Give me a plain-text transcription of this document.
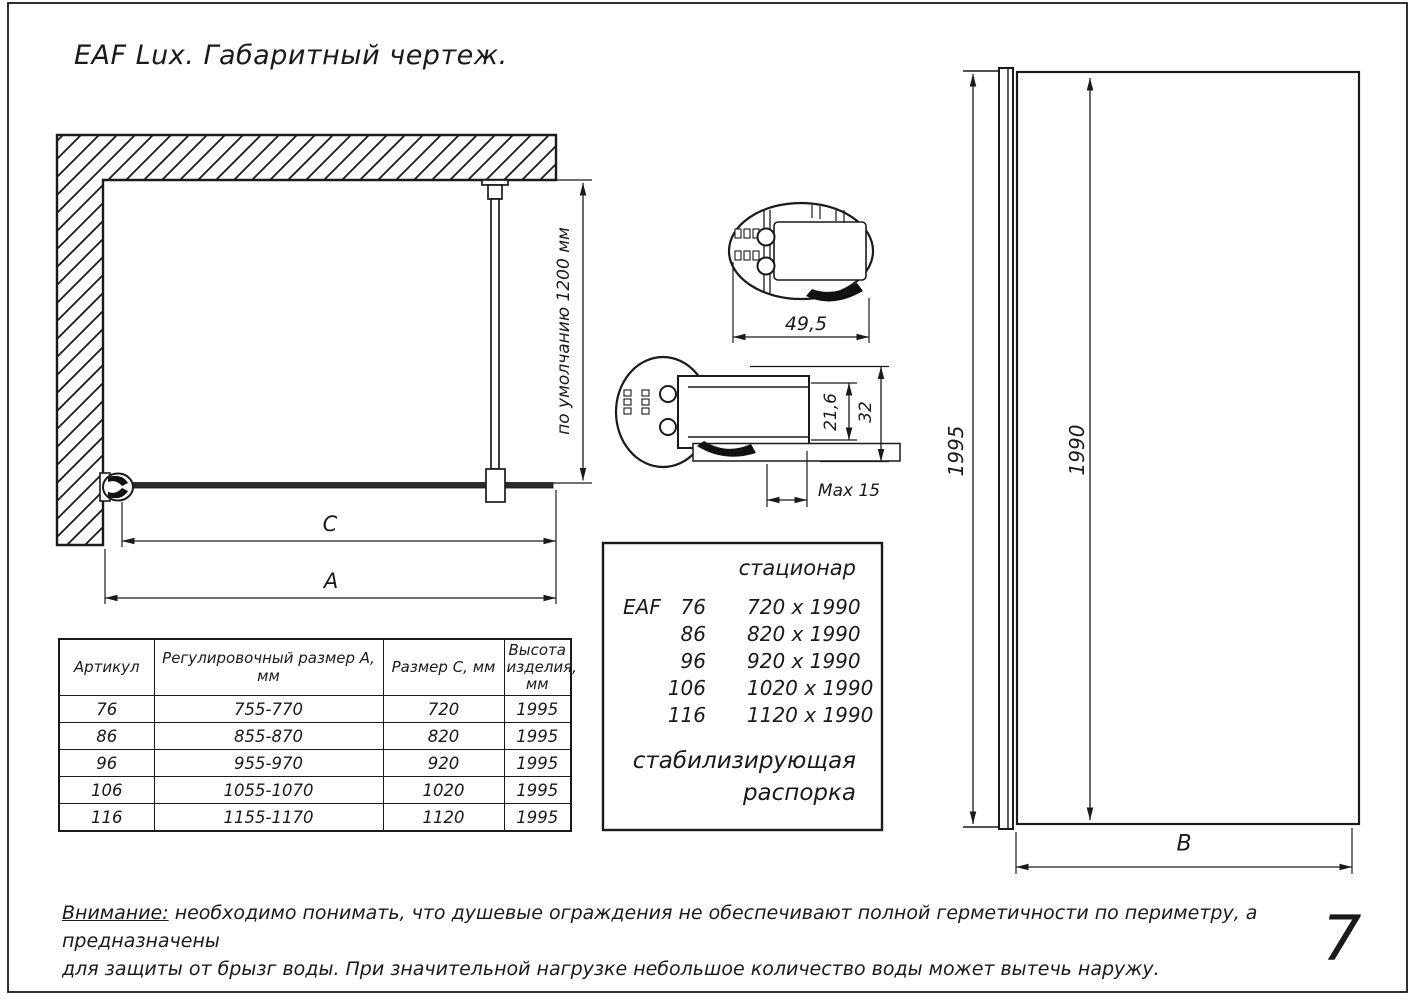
EAF Lux. Габаритный чертеж.
по умолчанию 1200 мм
C
A
49,5
21,6 32
Max 15
1995	1990
B
стационар
EAF 76 720 x 1990
86 820 x 1990
96 920 x 1990
106 1020 x 1990
116 1120 x 1990
стабилизирующая
распорка
Артикул	Регулировочный размер А, мм	Размер С, мм	Высота изделия, мм
76	755-770	720	1995
86	855-870	820	1995
96	955-970	920	1995
106	1055-1070	1020	1995
116	1155-1170	1120	1995
Внимание: необходимо понимать, что душевые ограждения не обеспечивают полной герметичности по периметру, а предназначены
для защиты от брызг воды. При значительной нагрузке небольшое количество воды может вытечь наружу.	7
